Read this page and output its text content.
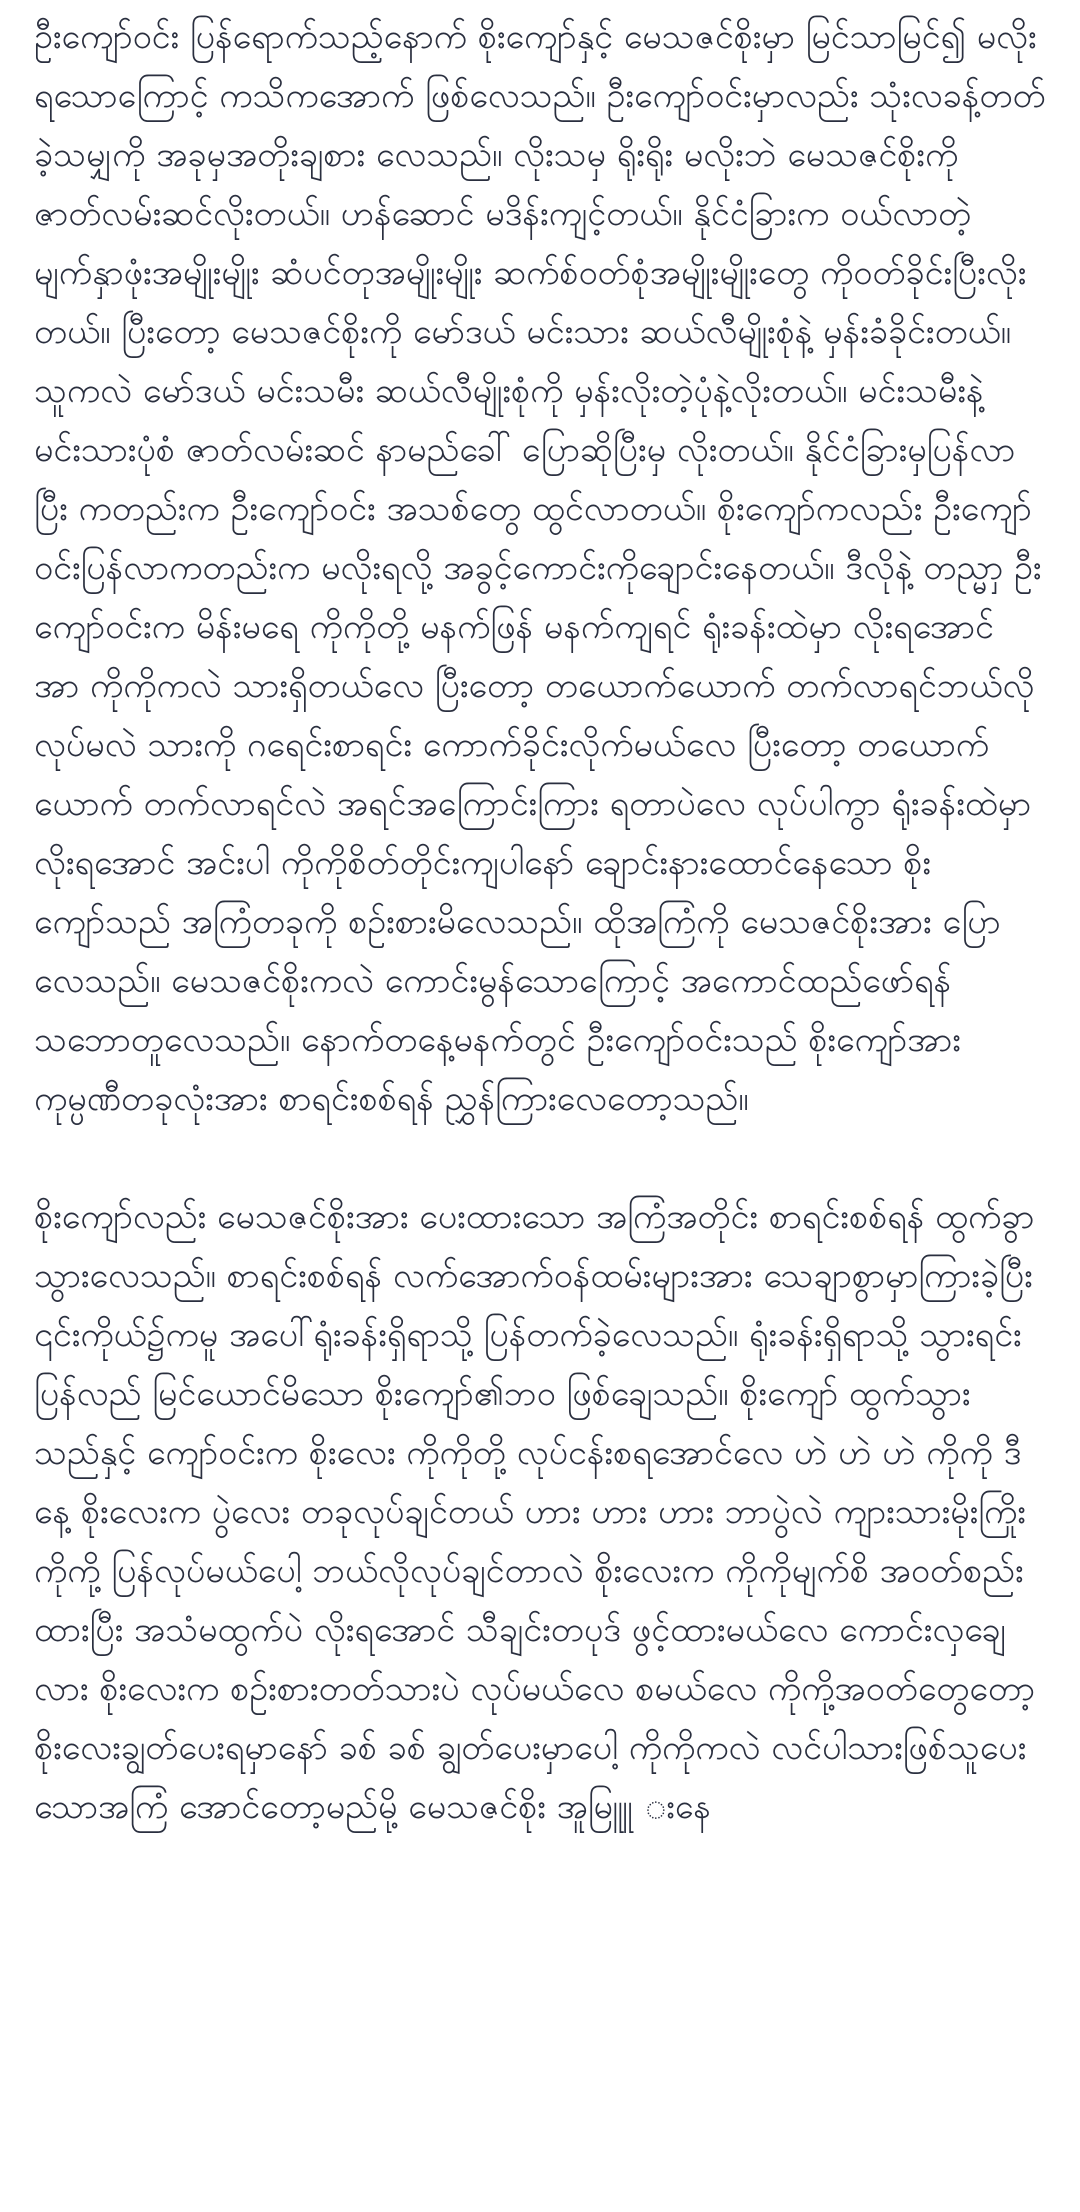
ဦးကျော်ဝင်း ပြန်ရောက်သည့်နောက် စိုးကျော်နှင့် မေသဇင်စိုးမှာ မြင်သာမြင်၍ မလိုးရသောကြောင့် ကသိကအောက် ဖြစ်လေသည်။ ဦးကျော်ဝင်းမှာလည်း သုံးလခန့်တတ်ခဲ့သမျှကို အခုမှအတိုးချစား လေသည်။ လိုးသမှ ရိုးရိုး မလိုးဘဲ မေသဇင်စိုးကို ဇာတ်လမ်းဆင်လိုးတယ်။ ဟန်ဆောင် မဒိန်းကျင့်တယ်။ နိုင်ငံခြားက ဝယ်လာတဲ့ မျက်နှာဖုံးအမျိုးမျိုး ဆံပင်တုအမျိုးမျိုး ဆက်စ်ဝတ်စုံအမျိုးမျိုးတွေ ကိုဝတ်ခိုင်းပြီးလိုးတယ်။ ပြီးတော့ မေသဇင်စိုးကို မော်ဒယ် မင်းသား ဆယ်လီမျိုးစုံနဲ့ မှန်းခံခိုင်းတယ်။ သူကလဲ မော်ဒယ် မင်းသမီး ဆယ်လီမျိုးစုံကို မှန်းလိုးတဲ့ပုံနဲ့လိုးတယ်။ မင်းသမီးနဲ့ မင်းသားပုံစံ ဇာတ်လမ်းဆင် နာမည်ခေါ် ပြောဆိုပြီးမှ လိုးတယ်။ နိုင်ငံခြားမှပြန်လာပြီး ကတည်းက ဦးကျော်ဝင်း အသစ်တွေ ထွင်လာတယ်။ စိုးကျော်ကလည်း ဦးကျော်ဝင်းပြန်လာကတည်းက မလိုးရလို့ အခွင့်ကောင်းကိုချောင်းနေတယ်။ ဒီလိုနဲ့ တည္မှာ ဦးကျော်ဝင်းက မိန်းမရေ ကိုကိုတို့ မနက်ဖြန် မနက်ကျရင် ရုံးခန်းထဲမှာ လိုးရအောင် အာ ကိုကိုကလဲ သားရှိတယ်လေ ပြီးတော့ တယောက်ယောက် တက်လာရင်ဘယ်လိုလုပ်မလဲ သားကို ဂရေင်းစာရင်း ကောက်ခိုင်းလိုက်မယ်လေ ပြီးတော့ တယောက်ယောက် တက်လာရင်လဲ အရင်အကြောင်းကြား ရတာပဲလေ လုပ်ပါကွာ ရုံးခန်းထဲမှာ လိုးရအောင် အင်းပါ ကိုကိုစိတ်တိုင်းကျပါနော် ချောင်းနားထောင်နေသော စိုးကျော်သည် အကြံတခုကို စဉ်းစားမိလေသည်။ ထိုအကြံကို မေသဇင်စိုးအား ပြောလေသည်။ မေသဇင်စိုးကလဲ ကောင်းမွန်သောကြောင့် အကောင်ထည်ဖော်ရန် သဘောတူလေသည်။ နောက်တနေ့မနက်တွင် ဦးကျော်ဝင်းသည် စိုးကျော်အား ကုမ္ပဏီတခုလုံးအား စာရင်းစစ်ရန် ညွှန်ကြားလေတော့သည်။

စိုးကျော်လည်း မေသဇင်စိုးအား ပေးထားသော အကြံအတိုင်း စာရင်းစစ်ရန် ထွက်ခွာသွားလေသည်။ စာရင်းစစ်ရန် လက်အောက်ဝန်ထမ်းများအား သေချာစွာမှာကြားခဲ့ပြီး ၎င်းကိုယ်၌ကမူ အပေါ်ရုံးခန်းရှိရာသို့ ပြန်တက်ခဲ့လေသည်။ ရုံးခန်းရှိရာသို့ သွားရင်း ပြန်လည် မြင်ယောင်မိသော စိုးကျော်၏ဘဝ ဖြစ်ချေသည်။ စိုးကျော် ထွက်သွားသည်နှင့် ကျော်ဝင်းက စိုးလေး ကိုကိုတို့ လုပ်ငန်းစရအောင်လေ ဟဲ ဟဲ ဟဲ ကိုကို ဒီနေ့ စိုးလေးက ပွဲလေး တခုလုပ်ချင်တယ် ဟား ဟား ဟား ဘာပွဲလဲ ကျားသားမိုးကြိုး ကိုကို့ ပြန်လုပ်မယ်ပေါ့ ဘယ်လိုလုပ်ချင်တာလဲ စိုးလေးက ကိုကိုမျက်စိ အဝတ်စည်းထားပြီး အသံမထွက်ပဲ လိုးရအောင် သီချင်းတပုဒ် ဖွင့်ထားမယ်လေ ကောင်းလှချေလား စိုးလေးက စဉ်းစားတတ်သားပဲ လုပ်မယ်လေ စမယ်လေ ကိုကို့အဝတ်တွေတော့ စိုးလေးချွတ်ပေးရမှာနော် ခစ် ခစ် ချွတ်ပေးမှာပေါ့ ကိုကိုကလဲ လင်ပါသားဖြစ်သူပေးသောအကြံ အောင်တော့မည်မို့ မေသဇင်စိုး အူမြူူ းနေ
